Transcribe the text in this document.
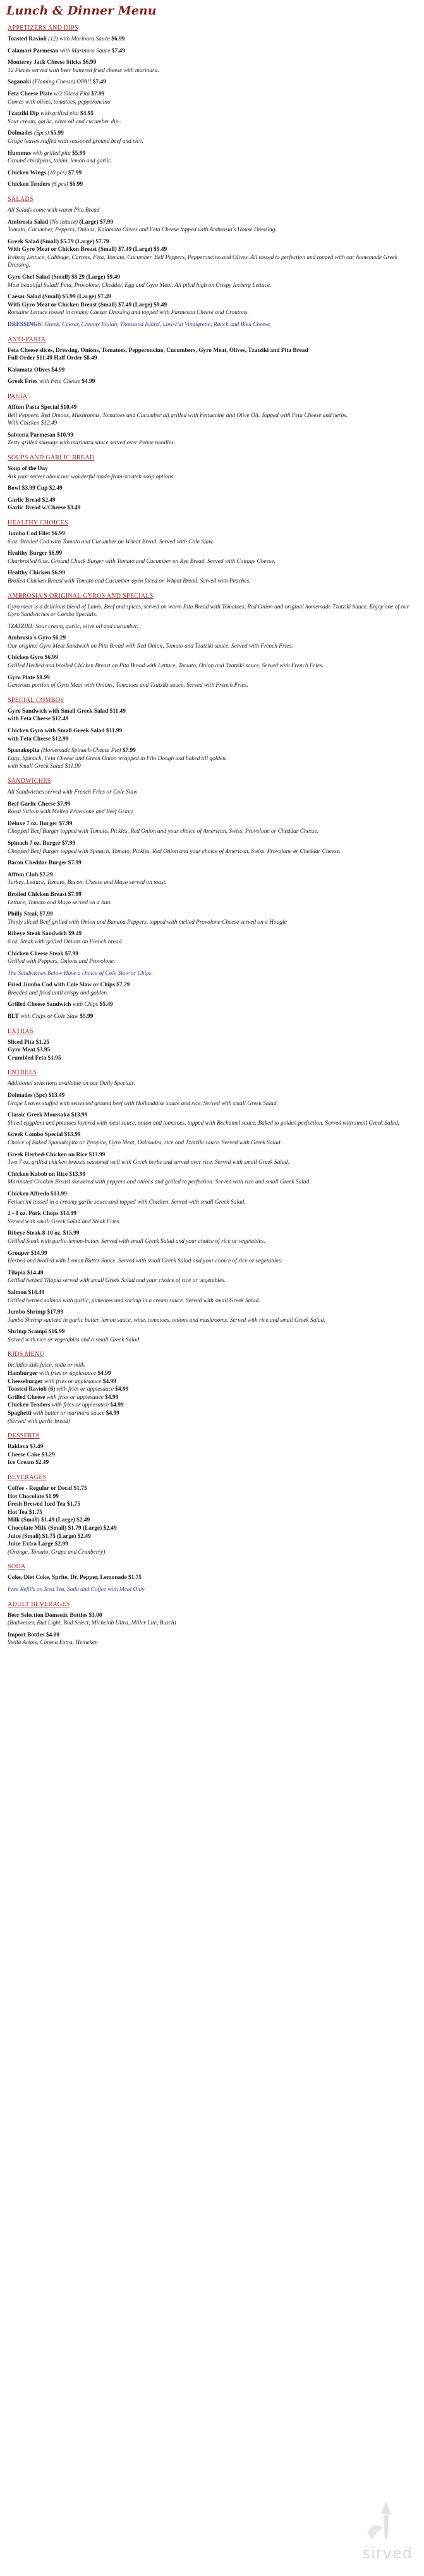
Lunch & Dinner Menu
APPETIZERS AND DIPS
Toasted Ravioli (12) with Marinara Sauce $6.99
Calamari Parmesan with Marinara Sauce $7.49
Monterey Jack Cheese Sticks $6.99
12 Pieces served with beer battered fried cheese with marinara.
Saganaki (Flaming Cheese) OPA!! $7.49
Feta Cheese Plate w/2 Sliced Pita $7.99
Comes with olives, tomatoes, pepperoncino
Tzatziki Dip with grilled pita $4.95
Sour cream, garlic, olive oil and cucumber dip..
Dolmades (5pcs) $5.99
Grape leaves stuffed with seasoned ground beef and rice.
Hummus with grilled pita $5.99
Ground chickpeas, tahini, lemon and garlic.
Chicken Wings (10 pcs) $7.99
Chicken Tenders (6 pcs) $6.99
SALADS
All Salads come with warm Pita Bread
Ambrosia Salad (No lettuce) (Large) $7.99
Tomato, Cucumber, Peppers, Onions, Kalamata Olives and Feta Cheese topped with Ambrosia's House Dressing.
Greek Salad (Small) $5.79 (Large) $7.79
With Gyro Meat or Chicken Breast (Small) $7.49 (Large) $9.49
Iceberg Lettuce, Cabbage, Carrots, Feta, Tomato, Cucumber, Bell Peppers, Pepperoncino and Olives. All tossed to perfection and topped with our homemade Greek Dressing.
Gyro Chef Salad (Small) $8.29 (Large) $9.49
Most beautiful Salad! Feta, Provolone, Cheddar, Egg and Gyro Meat. All piled high on Crispy Iceberg Lettuce.
Caesar Salad (Small) $5.99 (Large) $7.49
With Gyro Meat or Chicken Breast (Small) $7.49 (Large) $9.49
Romaine Lettuce tossed in creamy Caesar Dressing and topped with Parmesan Cheese and Croutons.
DRESSINGS: Greek, Caesar, Creamy Italian, Thousand Island, Low-Fat Vinaigrette, Ranch and Bleu Cheese.
ANTI-PASTA
Feta Cheese slices, Dressing, Onions, Tomatoes, Pepperoncino, Cucumbers, Gyro Meat, Olives, Tzatziki and Pita Bread
Full Order $11.49 Half Order $8.49
Kalamata Olives $4.99
Greek Fries with Feta Cheese $4.99
PASTA
Affton Pasta Special $10.49
Bell Peppers, Red Onions, Mushrooms, Tomatoes and Cucumber all grilled with Fettuccine and Olive Oil. Topped with Feta Cheese and herbs.
With Chicken $12.49
Sabiccia Parmesan $10.99
Zesty grilled sausage with marinara sauce served over Penne noodles.
SOUPS AND GARLIC BREAD
Soup of the Day
Ask your server about our wonderful made-from-scratch soup options.
Bowl $3.99 Cup $2.49
Garlic Bread $2.49
Garlic Bread w/Cheese $3.49
HEALTHY CHOICES
Jumbo Cod Filet $6.99
6 oz. Broiled Cod with Tomato and Cucumber on Wheat Bread. Served with Cole Slaw.
Healthy Burger $6.99
Charbroiled 6 oz. Ground Chuck Burger with Tomato and Cucumber on Rye Bread. Served with Cottage Cheese.
Healthy Chicken $6.99
Broiled Chicken Breast with Tomato and Cucumber open faced on Wheat Bread. Served with Peaches.
AMBROSIA'S ORIGINAL GYROS AND SPECIALS
Gyro meat is a delicious blend of Lamb, Beef and spices, served on warm Pita Bread with Tomatoes, Red Onion and original homemade Tzatziki Sauce. Enjoy one of our Gyro Sandwiches or Combo Specials.
TZATZIKI: Sour cream, garlic, olive oil and cucumber.
Ambrosia's Gyro $6.29
Our original Gyro Meat Sandwich on Pita Bread with Red Onion, Tomato and Tzatziki sauce. Served with French Fries.
Chicken Gyro $6.99
Grilled Herbed and broiled Chicken Breast on Pita Bread with Lettuce, Tomato, Onion and Tzatziki sauce. Served with French Fries.
Gyro Plate $8.99
Generous portion of Gyro Meat with Onions, Tomatoes and Tzatziki sauce. Served with French Fries.
SPECIAL COMBOS
Gyro Sandwich with Small Greek Salad $11.49
with Feta Cheese $12.49
Chicken Gyro with Small Greek Salad $11.99
with Feta Cheese $12.99
Spanakopita (Homemade Spinach-Cheese Pie) $7.99
Eggs, Spinach, Feta Cheese and Green Onion wrapped in Filo Dough and baked till golden.
with Small Greek Salad $11.99
SANDWICHES
All Sandwiches served with French Fries or Cole Slaw
Beef Garlic Cheese $7.99
Roast Sirloin with Melted Provolone and Beef Gravy.
Deluxe 7 oz. Burger $7.99
Chopped Beef Burger topped with Tomato, Pickles, Red Onion and your choice of American, Swiss, Provolone or Cheddar Cheese.
Spinach 7 oz. Burger $7.99
Chopped Beef Burger topped with Spinach, Tomato, Pickles, Red Onion and your choice of American, Swiss, Provolone or Cheddar Cheese.
Bacon Cheddar Burger $7.99
Affton Club $7.29
Turkey, Lettuce, Tomato, Bacon, Cheese and Mayo served on toast.
Broiled Chicken Breast $7.99
Lettuce, Tomato and Mayo served on a bun.
Philly Steak $7.99
Thinly sliced Beef grilled with Onion and Banana Peppers, topped with melted Provolone Cheese served on a Hoagie
Ribeye Steak Sandwich $9.49
6 oz. Steak with grilled Onions on French bread.
Chicken Cheese Steak $7.99
Grilled with Peppers, Onions and Provolone.
The Sandwiches Below Have a choice of Cole Slaw or Chips.
Fried Jumbo Cod with Cole Slaw or Chips $7.29
Breaded and fried until crispy and golden.
Grilled Cheese Sandwich with Chips $5.49
BLT with Chips or Cole Slaw $5.99
EXTRAS
Sliced Pita $1.25
Gyro Meat $3.95
Crumbled Feta $1.95
ENTREES
Additional selections available on our Daily Specials.
Dolmades (5pc) $13.49
Grape Leaves stuffed with seasoned ground beef with Hollandaise sauce and rice. Served with small Greek Salad.
Classic Greek Moussaka $13.99
Sliced eggplant and potatoes layered with meat sauce, onion and tomatoes, topped with Bechamel sauce. Baked to golden perfection. Served with small Greek Salad.
Greek Combo Special $13.99
Choice of Baked Spanakopita or Tyropita, Gyro Meat, Dolmades, rice and Tzatziki sauce. Served with Greek Salad.
Greek Herbed-Chicken on Rice $13.99
Two 7 oz. grilled chicken breasts seasoned well with Greek herbs and served over rice. Served with small Greek Salad.
Chicken Kabob on Rice $13.99
Marinated Chicken Breast skewered with peppers and onions and grilled to perfection. Served with rice and small Greek Salad.
Chicken Alfredo $13.99
Fettuccini tossed in a creamy garlic sauce and topped with Chicken. Served with small Greek Salad.
2 - 8 oz. Pork Chops $14.99
Served with small Greek Salad and Steak Fries.
Ribeye Steak 8-10 oz. $15.99
Grilled Steak with garlic-lemon-butter. Served with small Greek Salad and your choice of rice or vegetables.
Grouper $14.99
Herbed and broiled with Lemon Butter Sauce. Served with small Greek Salad and your choice of rice or vegetables.
Tilapia $14.49
Grilled herbed Tilapia served with small Greek Salad and your choice of rice or vegetables.
Salmon $14.49
Grilled herbed salmon with garlic, pimentos and shrimp in a cream sauce. Served with small Greek Salad.
Jumbo Shrimp $17.99
Jumbo Shrimp sauteed in garlic butter, lemon sauce, wine, tomatoes, onions and mushrooms. Served with rice and small Greek Salad.
Shrimp Scampi $16.99
Served with rice or vegetables and a small Greek Salad.
KIDS MENU
Includes kids juice, soda or milk.
Hamburger with fries or applesauce $4.99
Cheeseburger with fries or applesauce $4.99
Toasted Ravioli (6) with fries or applesauce $4.99
Grilled Cheese with fries or applesauce $4.99
Chicken Tenders with fries or applesauce $4.99
Spaghetti with butter or marinara sauce $4.99
(Served with garlic bread)
DESSERTS
Baklava $3.49
Cheese Cake $3.29
Ice Cream $2.49
BEVERAGES
Coffee - Regular or Decaf $1.75
Hot Chocolate $1.99
Fresh Brewed Iced Tea $1.75
Hot Tea $1.75
Milk (Small) $1.49 (Large) $2.49
Chocolate Milk (Small) $1.79 (Large) $2.49
Juice (Small) $1.75 (Large) $2.49
Juice Extra Large $2.99
(Orange, Tomato, Grape and Cranberry)
SODA
Coke, Diet Coke, Sprite, Dr. Pepper, Lemonade $1.75
Free Refills on Iced Tea, Soda and Coffee with Meal Only
ADULT BEVERAGES
Beer Selection Domestic Bottles $3.00
(Budweiser, Bud Light, Bud Select, Michelob Ultra, Miller Lite, Busch)
Import Bottles $4.00
Stella Artois, Corona Extra, Heineken
sirved
